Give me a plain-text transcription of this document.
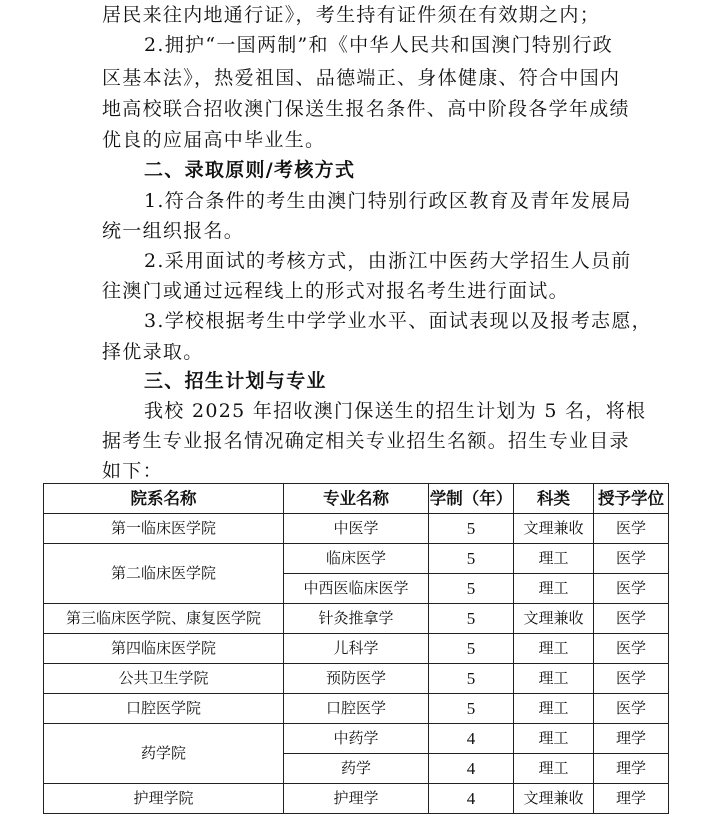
居民来往内地通行证》，考生持有证件须在有效期之内；
2.拥护“一国两制”和《中华人民共和国澳门特别行政
区基本法》，热爱祖国、品德端正、身体健康、符合中国内
地高校联合招收澳门保送生报名条件、高中阶段各学年成绩
优良的应届高中毕业生。
二、录取原则/考核方式
1.符合条件的考生由澳门特别行政区教育及青年发展局
统一组织报名。
2.采用面试的考核方式，由浙江中医药大学招生人员前
往澳门或通过远程线上的形式对报名考生进行面试。
3.学校根据考生中学学业水平、面试表现以及报考志愿，
择优录取。
三、招生计划与专业
我校 2025 年招收澳门保送生的招生计划为 5 名，将根
据考生专业报名情况确定相关专业招生名额。招生专业目录
如下：
院系名称	专业名称	学制（年）	科类	授予学位
第一临床医学院	中医学	5	文理兼收	医学
第二临床医学院	临床医学	5	理工	医学
	中西医临床医学	5	理工	医学
第三临床医学院、康复医学院	针灸推拿学	5	文理兼收	医学
第四临床医学院	儿科学	5	理工	医学
公共卫生学院	预防医学	5	理工	医学
口腔医学院	口腔医学	5	理工	医学
药学院	中药学	4	理工	理学
	药学	4	理工	理学
护理学院	护理学	4	文理兼收	理学
